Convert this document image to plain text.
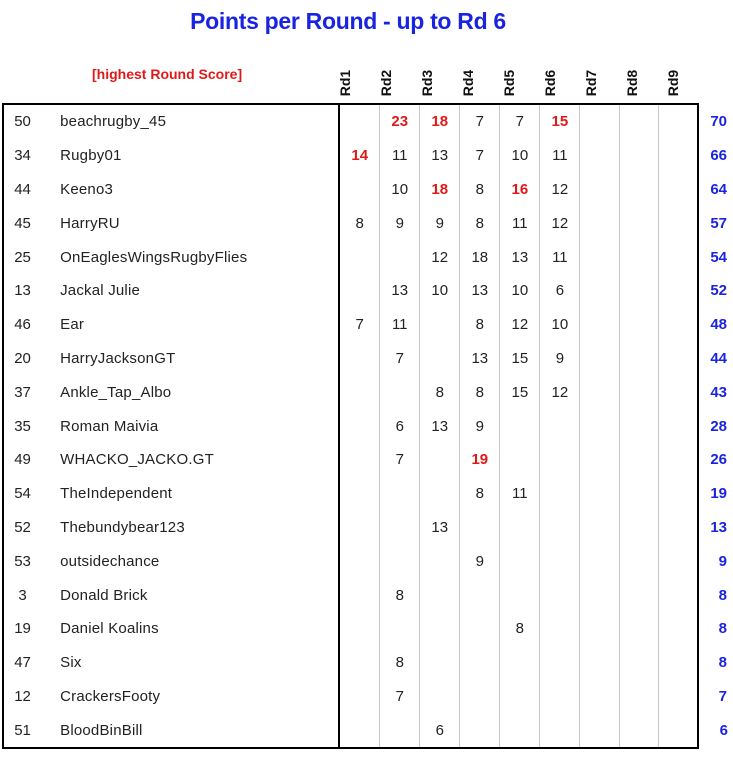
Points per Round - up to Rd 6
[highest Round Score]	Rd1 Rd2 Rd3 Rd4 Rd5 Rd6 Rd7 Rd8 Rd9
50	beachrugby_45		23	18	7	7	15				70
34	Rugby01	14	11	13	7	10	11				66
44	Keeno3		10	18	8	16	12				64
45	HarryRU	8	9	9	8	11	12				57
25	OnEaglesWingsRugbyFlies			12	18	13	11				54
13	Jackal Julie		13	10	13	10	6				52
46	Ear	7	11		8	12	10				48
20	HarryJacksonGT		7		13	15	9				44
37	Ankle_Tap_Albo			8	8	15	12				43
35	Roman Maivia		6	13	9						28
49	WHACKO_JACKO.GT		7		19						26
54	TheIndependent				8	11					19
52	Thebundybear123			13							13
53	outsidechance				9						9
3	Donald Brick		8								8
19	Daniel Koalins					8					8
47	Six		8								8
12	CrackersFooty		7								7
51	BloodBinBill			6							6
